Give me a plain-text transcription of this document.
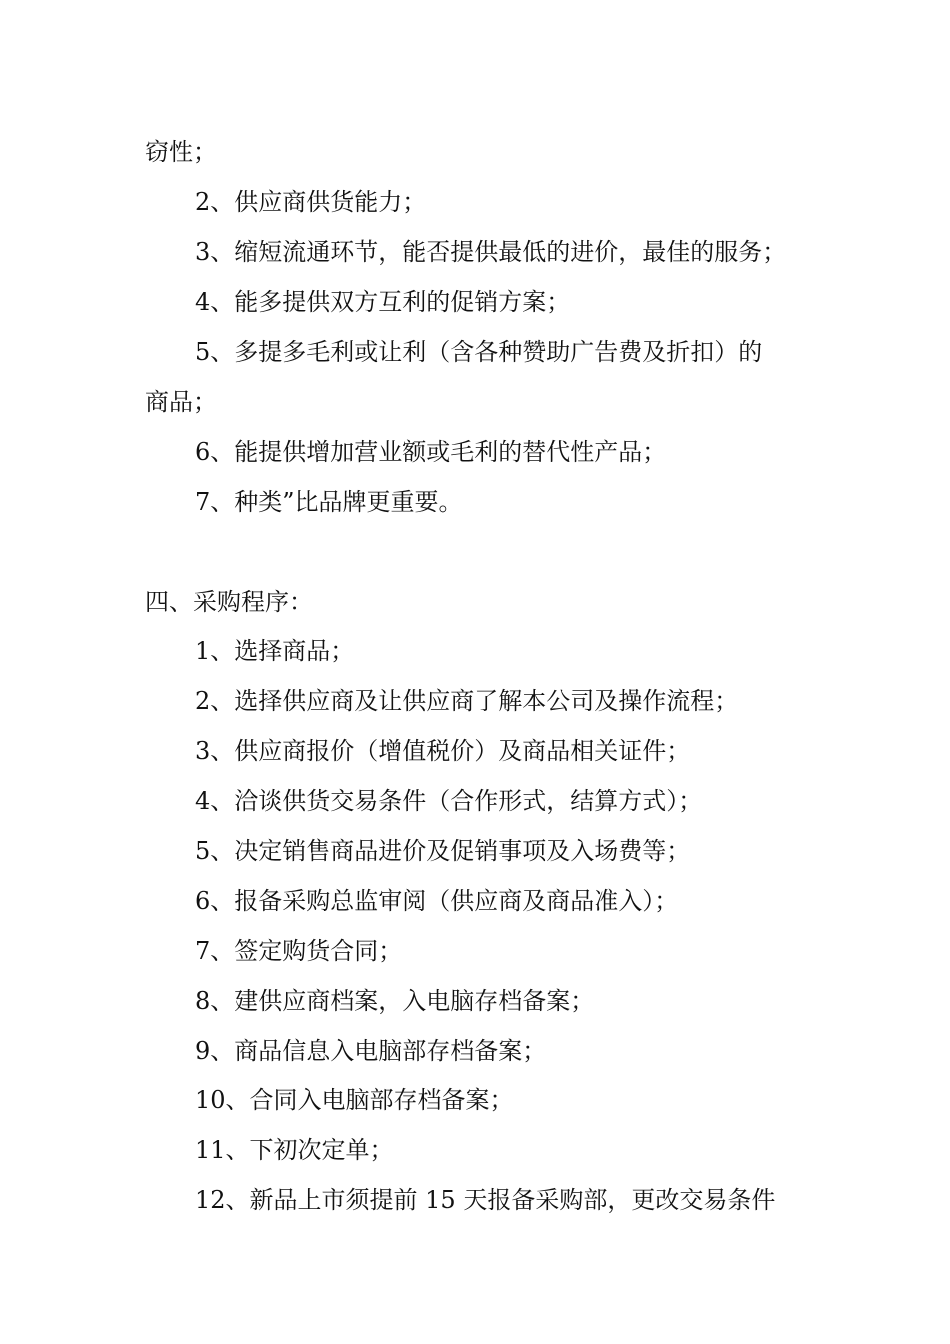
窃性；
2、供应商供货能力；
3、缩短流通环节，能否提供最低的进价，最佳的服务；
4、能多提供双方互利的促销方案；
5、多提多毛利或让利（含各种赞助广告费及折扣）的
商品；
6、能提供增加营业额或毛利的替代性产品；
7、种类”比品牌更重要。
四、采购程序：
1、选择商品；
2、选择供应商及让供应商了解本公司及操作流程；
3、供应商报价（增值税价）及商品相关证件；
4、洽谈供货交易条件（合作形式，结算方式）；
5、决定销售商品进价及促销事项及入场费等；
6、报备采购总监审阅（供应商及商品准入）；
7、签定购货合同；
8、建供应商档案，入电脑存档备案；
9、商品信息入电脑部存档备案；
10、合同入电脑部存档备案；
11、下初次定单；
12、新品上市须提前 15 天报备采购部，更改交易条件
